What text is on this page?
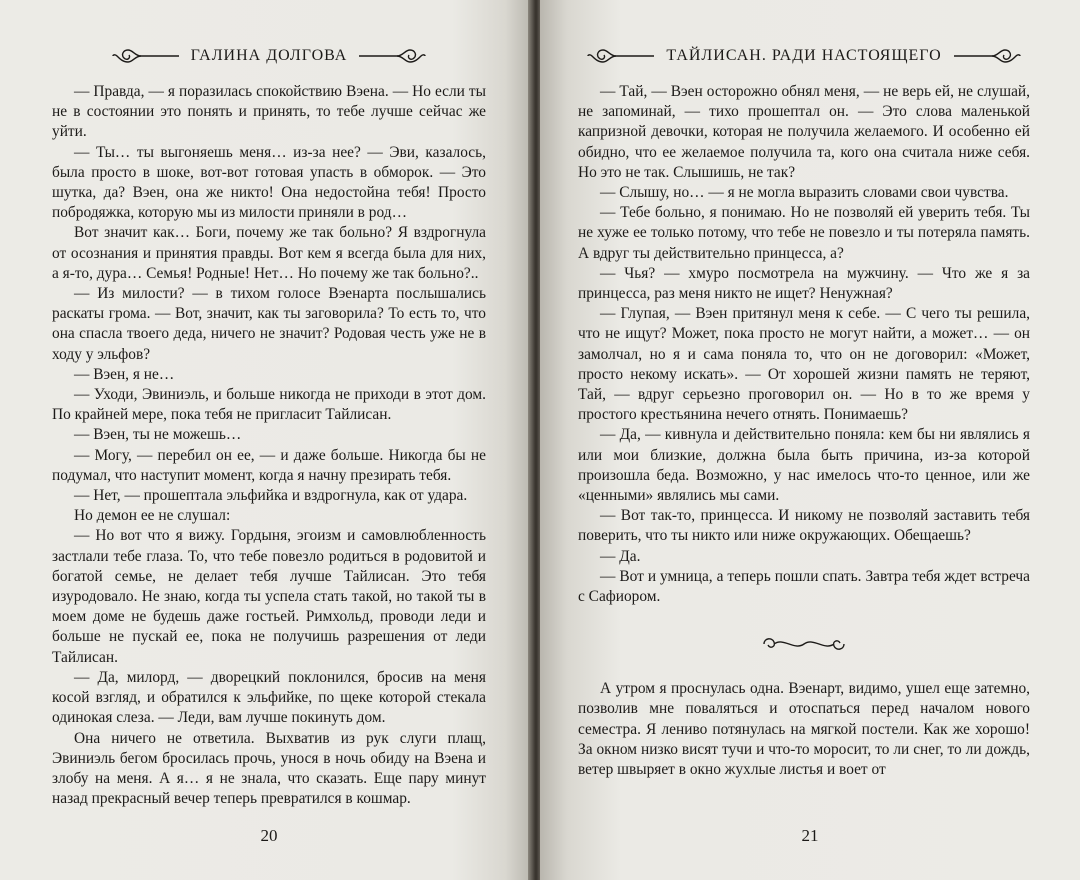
ГАЛИНА ДОЛГОВА

— Правда, — я поразилась спокойствию Вэена. — Но если ты не в состоянии это понять и принять, то тебе лучше сейчас же уйти.

— Ты… ты выгоняешь меня… из-за нее? — Эви, казалось, была просто в шоке, вот-вот готовая упасть в обморок. — Это шутка, да? Вэен, она же никто! Она недостойна тебя! Просто побродяжка, которую мы из милости приняли в род…

Вот значит как… Боги, почему же так больно? Я вздрогнула от осознания и принятия правды. Вот кем я всегда была для них, а я-то, дура… Семья! Родные! Нет… Но почему же так больно?..

— Из милости? — в тихом голосе Вэенарта послышались раскаты грома. — Вот, значит, как ты заговорила? То есть то, что она спасла твоего деда, ничего не значит? Родовая честь уже не в ходу у эльфов?

— Вэен, я не…

— Уходи, Эвиниэль, и больше никогда не приходи в этот дом. По крайней мере, пока тебя не пригласит Тайлисан.

— Вэен, ты не можешь…

— Могу, — перебил он ее, — и даже больше. Никогда бы не подумал, что наступит момент, когда я начну презирать тебя.

— Нет, — прошептала эльфийка и вздрогнула, как от удара.

Но демон ее не слушал:

— Но вот что я вижу. Гордыня, эгоизм и самовлюбленность застлали тебе глаза. То, что тебе повезло родиться в родовитой и богатой семье, не делает тебя лучше Тайлисан. Это тебя изуродовало. Не знаю, когда ты успела стать такой, но такой ты в моем доме не будешь даже гостьей. Римхольд, проводи леди и больше не пускай ее, пока не получишь разрешения от леди Тайлисан.

— Да, милорд, — дворецкий поклонился, бросив на меня косой взгляд, и обратился к эльфийке, по щеке которой стекала одинокая слеза. — Леди, вам лучше покинуть дом.

Она ничего не ответила. Выхватив из рук слуги плащ, Эвиниэль бегом бросилась прочь, унося в ночь обиду на Вэена и злобу на меня. А я… я не знала, что сказать. Еще пару минут назад прекрасный вечер теперь превратился в кошмар.

20
ТАЙЛИСАН. РАДИ НАСТОЯЩЕГО

— Тай, — Вэен осторожно обнял меня, — не верь ей, не слушай, не запоминай, — тихо прошептал он. — Это слова маленькой капризной девочки, которая не получила желаемого. И особенно ей обидно, что ее желаемое получила та, кого она считала ниже себя. Но это не так. Слышишь, не так?

— Слышу, но… — я не могла выразить словами свои чувства.

— Тебе больно, я понимаю. Но не позволяй ей уверить тебя. Ты не хуже ее только потому, что тебе не повезло и ты потеряла память. А вдруг ты действительно принцесса, а?

— Чья? — хмуро посмотрела на мужчину. — Что же я за принцесса, раз меня никто не ищет? Ненужная?

— Глупая, — Вэен притянул меня к себе. — С чего ты решила, что не ищут? Может, пока просто не могут найти, а может… — он замолчал, но я и сама поняла то, что он не договорил: «Может, просто некому искать». — От хорошей жизни память не теряют, Тай, — вдруг серьезно проговорил он. — Но в то же время у простого крестьянина нечего отнять. Понимаешь?

— Да, — кивнула и действительно поняла: кем бы ни являлись я или мои близкие, должна была быть причина, из-за которой произошла беда. Возможно, у нас имелось что-то ценное, или же «ценными» являлись мы сами.

— Вот так-то, принцесса. И никому не позволяй заставить тебя поверить, что ты никто или ниже окружающих. Обещаешь?

— Да.

— Вот и умница, а теперь пошли спать. Завтра тебя ждет встреча с Сафиором.

А утром я проснулась одна. Вэенарт, видимо, ушел еще затемно, позволив мне поваляться и отоспаться перед началом нового семестра. Я лениво потянулась на мягкой постели. Как же хорошо! За окном низко висят тучи и что-то моросит, то ли снег, то ли дождь, ветер швыряет в окно жухлые листья и воет от

21
